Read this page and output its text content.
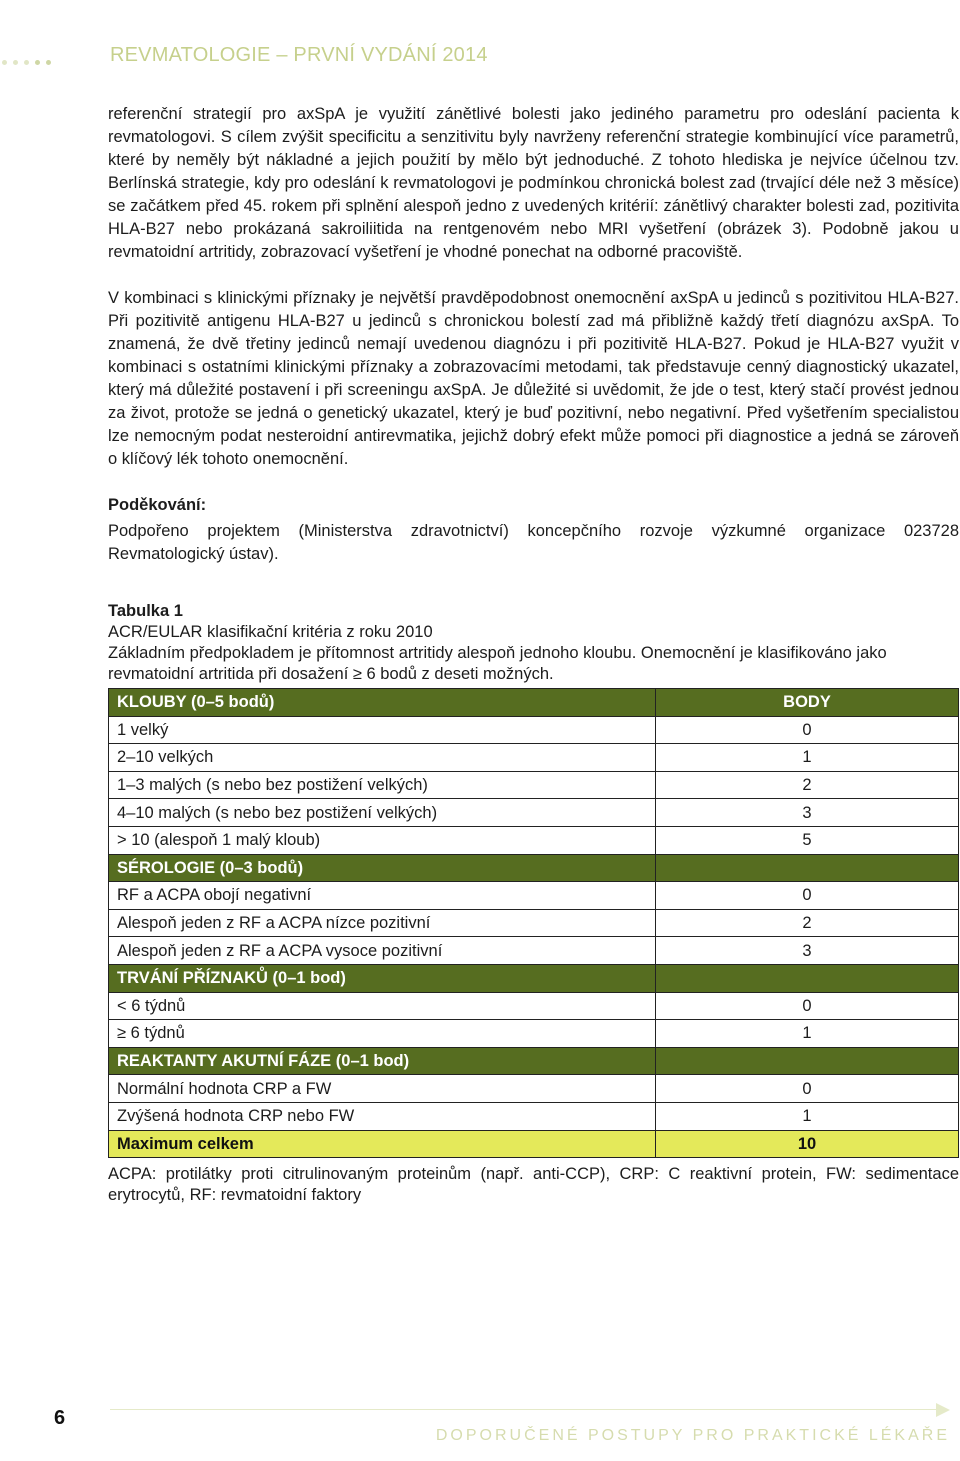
REVMATOLOGIE – PRVNÍ VYDÁNÍ 2014

referenční strategií pro axSpA je využití zánětlivé bolesti jako jediného parametru pro odeslání pacienta k revmatologovi. S cílem zvýšit specificitu a senzitivitu byly navrženy referenční strategie kombinující více parametrů, které by neměly být nákladné a jejich použití by mělo být jednoduché. Z tohoto hlediska je nejvíce účelnou tzv. Berlínská strategie, kdy pro odeslání k revmatologovi je podmínkou chronická bolest zad (trvající déle než 3 měsíce) se začátkem před 45. rokem při splnění alespoň jedno z uvedených kritérií: zánětlivý charakter bolesti zad, pozitivita HLA-B27 nebo prokázaná sakroiliitida na rentgenovém nebo MRI vyšetření (obrázek 3). Podobně jakou u revmatoidní artritidy, zobrazovací vyšetření je vhodné ponechat na odborné pracoviště.

V kombinaci s klinickými příznaky je největší pravděpodobnost onemocnění axSpA u jedinců s pozitivitou HLA-B27. Při pozitivitě antigenu HLA-B27 u jedinců s chronickou bolestí zad má přibližně každý třetí diagnózu axSpA. To znamená, že dvě třetiny jedinců nemají uvedenou diagnózu i při pozitivitě HLA-B27. Pokud je HLA-B27 využit v kombinaci s ostatními klinickými příznaky a zobrazovacími metodami, tak představuje cenný diagnostický ukazatel, který má důležité postavení i při screeningu axSpA. Je důležité si uvědomit, že jde o test, který stačí provést jednou za život, protože se jedná o genetický ukazatel, který je buď pozitivní, nebo negativní. Před vyšetřením specialistou lze nemocným podat nesteroidní antirevmatika, jejichž dobrý efekt může pomoci při diagnostice a jedná se zároveň o klíčový lék tohoto onemocnění.

Poděkování:

Podpořeno projektem (Ministerstva zdravotnictví) koncepčního rozvoje výzkumné organizace 023728 Revmatologický ústav).

Tabulka 1
ACR/EULAR klasifikační kritéria z roku 2010
Základním předpokladem je přítomnost artritidy alespoň jednoho kloubu. Onemocnění je klasifikováno jako revmatoidní artritida při dosažení ≥ 6 bodů z deseti možných.
KLOUBY (0–5 bodů)	BODY
1 velký	0
2–10 velkých	1
1–3 malých (s nebo bez postižení velkých)	2
4–10 malých (s nebo bez postižení velkých)	3
> 10 (alespoň 1 malý kloub)	5
SÉROLOGIE (0–3 bodů)	
RF a ACPA obojí negativní	0
Alespoň jeden z RF a ACPA nízce pozitivní	2
Alespoň jeden z RF a ACPA vysoce pozitivní	3
TRVÁNÍ PŘÍZNAKŮ (0–1 bod)	
< 6 týdnů	0
≥ 6 týdnů	1
REAKTANTY AKUTNÍ FÁZE (0–1 bod)	
Normální hodnota CRP a FW	0
Zvýšená hodnota CRP nebo FW	1
Maximum celkem	10
ACPA: protilátky proti citrulinovaným proteinům (např. anti-CCP), CRP: C reaktivní protein, FW: sedimentace erytrocytů, RF: revmatoidní faktory
6
DOPORUČENÉ POSTUPY PRO PRAKTICKÉ LÉKAŘE
